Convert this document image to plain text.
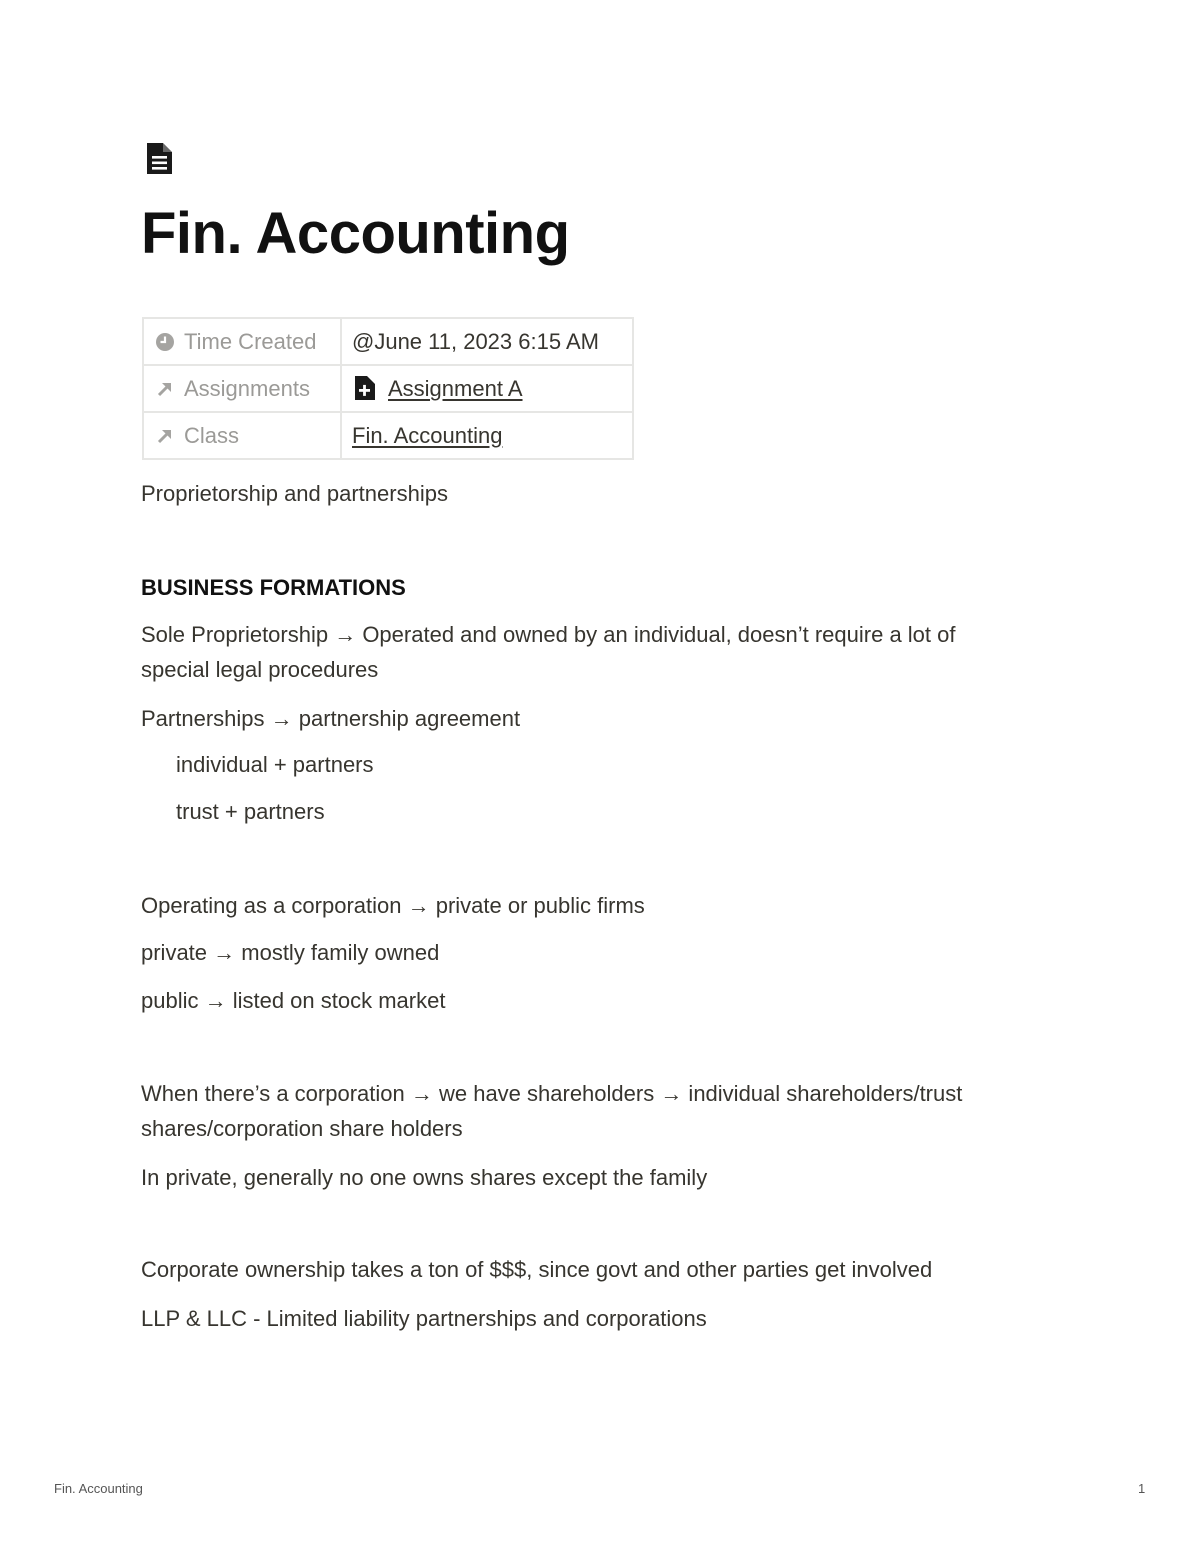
Fin. Accounting
Time Created	@June 11, 2023 6:15 AM
Assignments	Assignment A
Class	Fin. Accounting

Proprietorship and partnerships

BUSINESS FORMATIONS

Sole Proprietorship → Operated and owned by an individual, doesn’t require a lot of

special legal procedures

Partnerships → partnership agreement

individual + partners

trust + partners

Operating as a corporation → private or public firms

private → mostly family owned

public → listed on stock market

When there’s a corporation → we have shareholders → individual shareholders/trust

shares/corporation share holders

In private, generally no one owns shares except the family

Corporate ownership takes a ton of $$$, since govt and other parties get involved

LLP & LLC - Limited liability partnerships and corporations

Fin. Accounting	1
